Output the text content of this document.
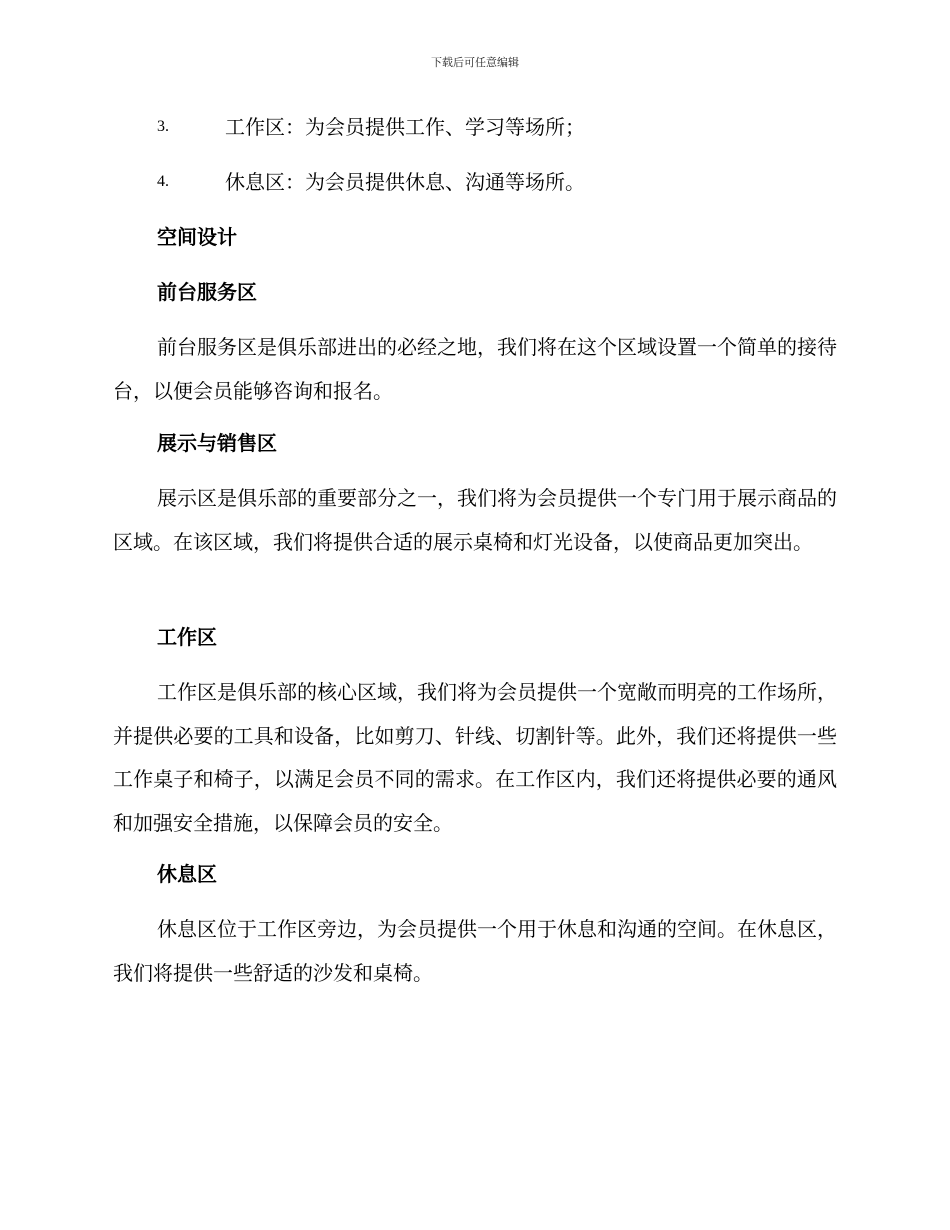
下载后可任意编辑
3.	工作区：为会员提供工作、学习等场所；
4.	休息区：为会员提供休息、沟通等场所。
空间设计
前台服务区

前台服务区是俱乐部进出的必经之地，我们将在这个区域设置一个简单的接待台，以便会员能够咨询和报名。

展示与销售区

展示区是俱乐部的重要部分之一，我们将为会员提供一个专门用于展示商品的区域。在该区域，我们将提供合适的展示桌椅和灯光设备，以使商品更加突出。

工作区

工作区是俱乐部的核心区域，我们将为会员提供一个宽敞而明亮的工作场所，并提供必要的工具和设备，比如剪刀、针线、切割针等。此外，我们还将提供一些工作桌子和椅子，以满足会员不同的需求。在工作区内，我们还将提供必要的通风和加强安全措施，以保障会员的安全。

休息区

休息区位于工作区旁边，为会员提供一个用于休息和沟通的空间。在休息区，我们将提供一些舒适的沙发和桌椅。
